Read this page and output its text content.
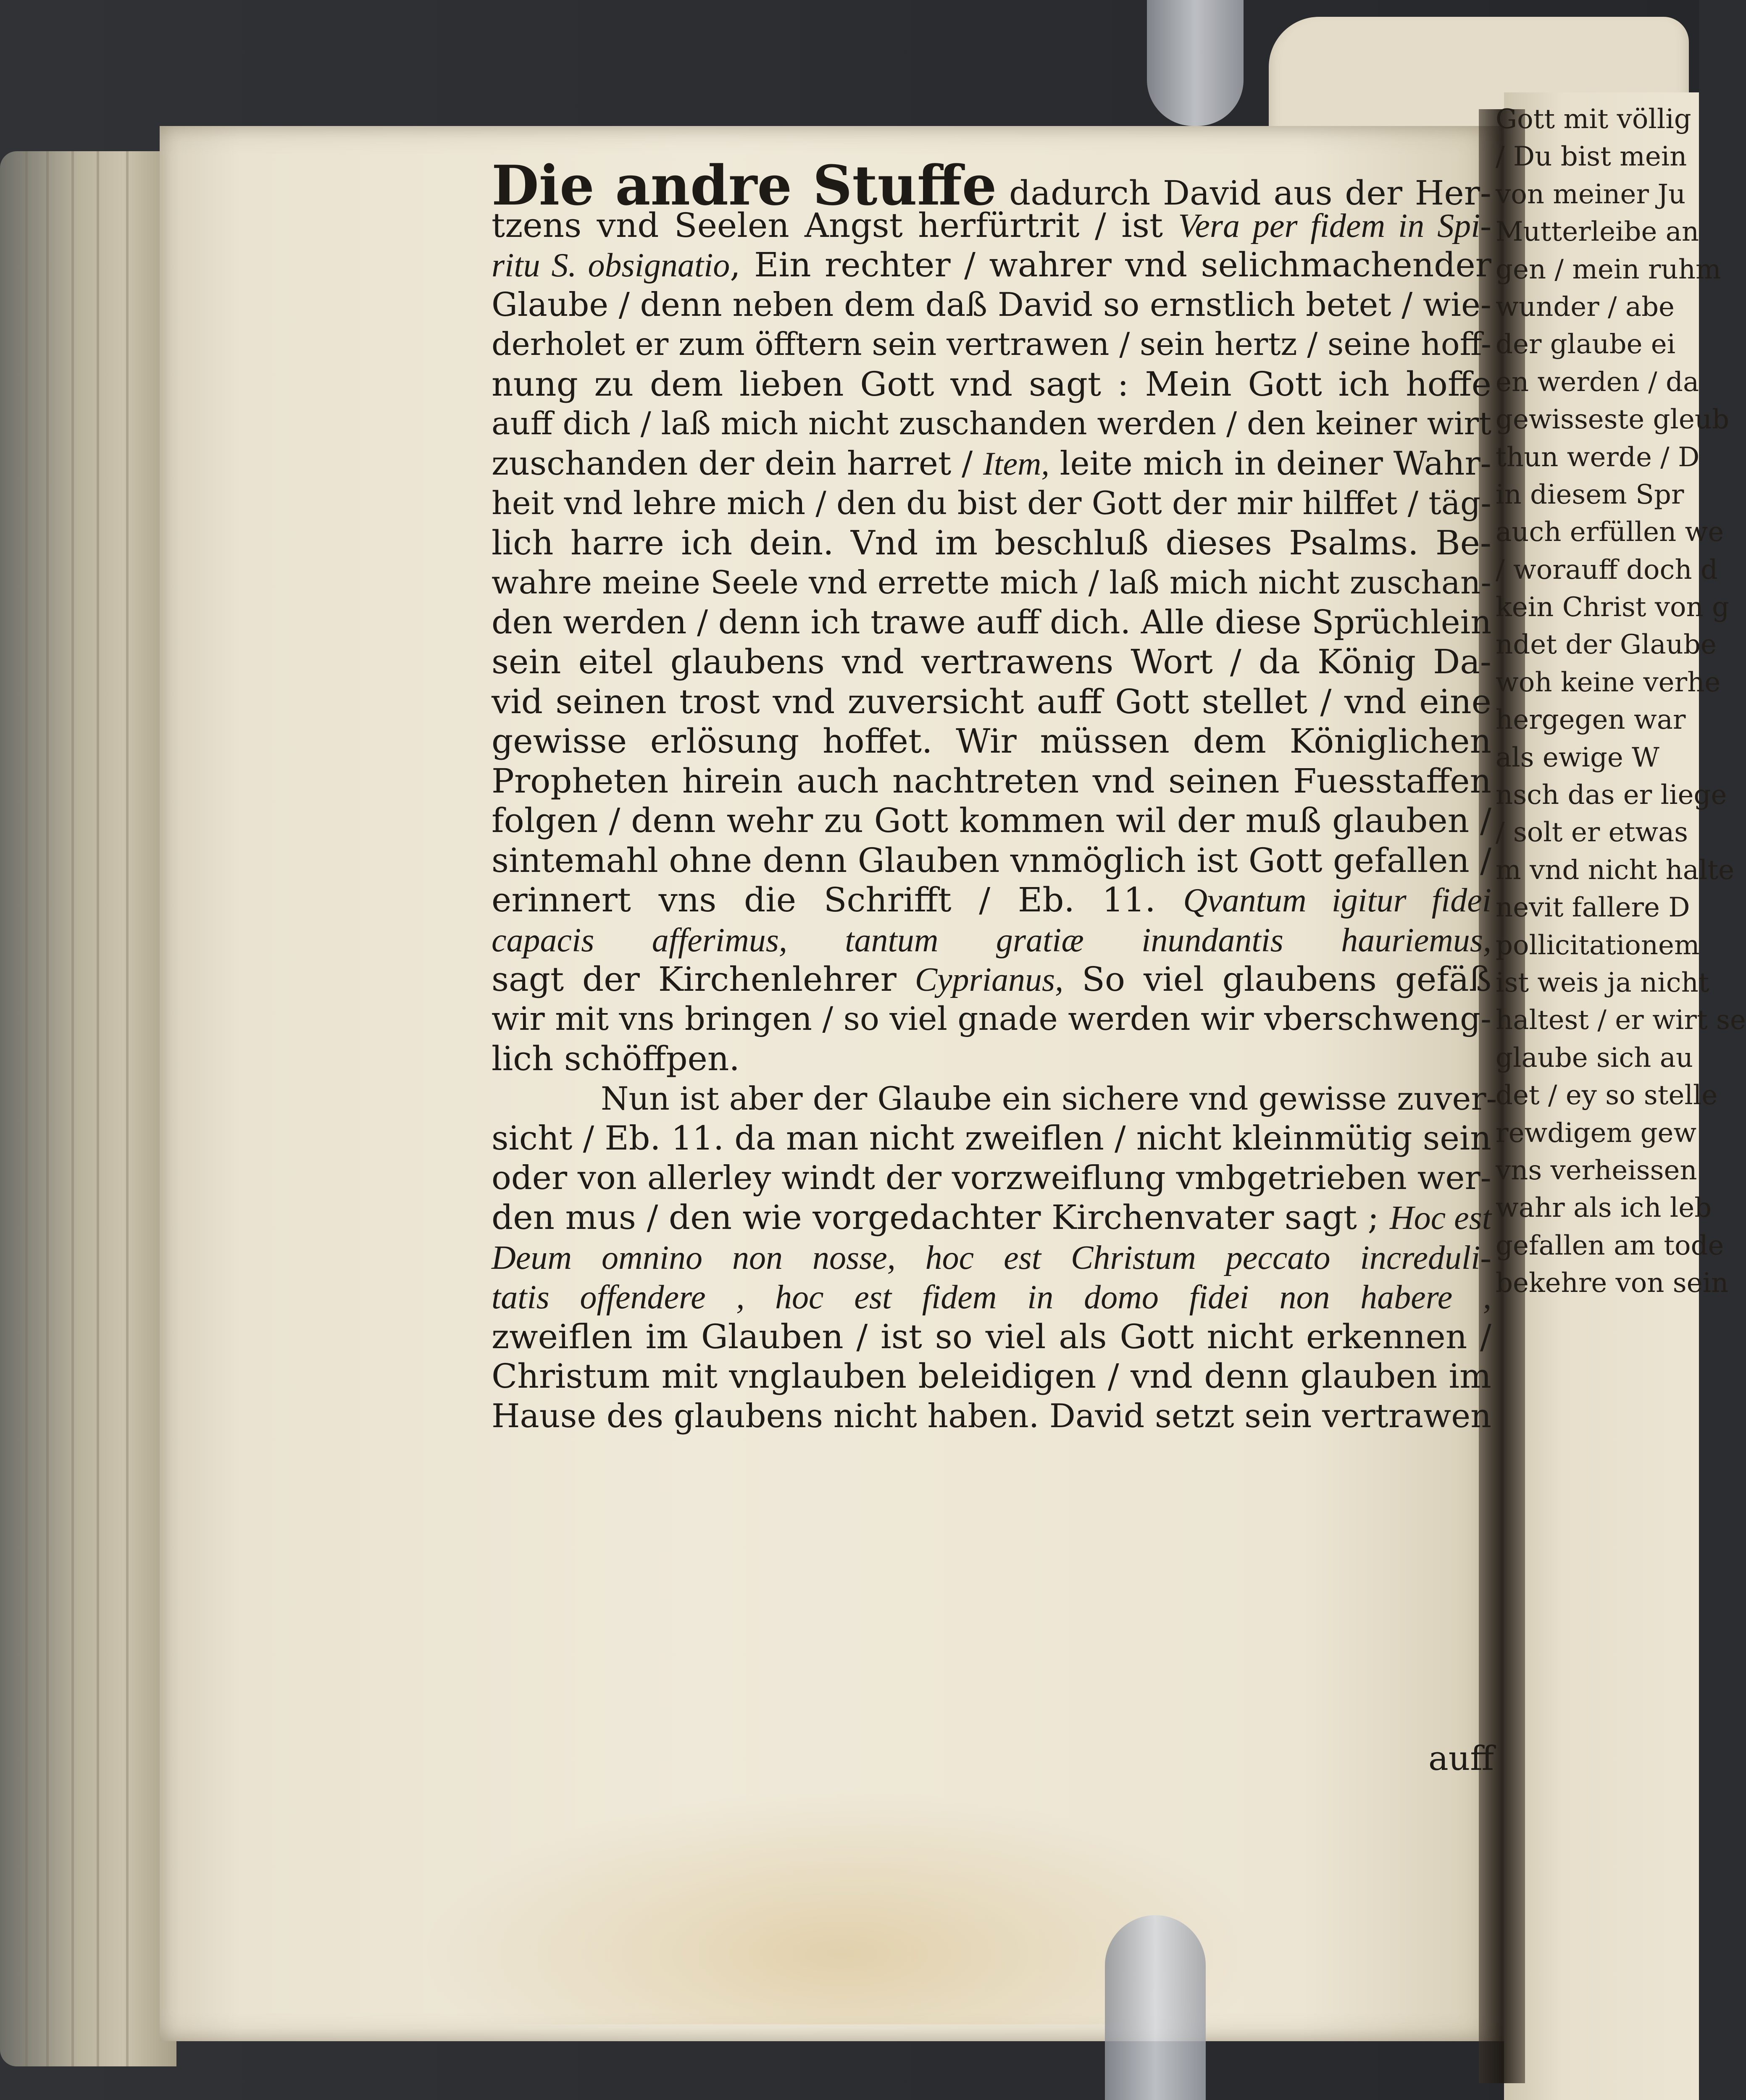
Die andre Stuffe dadurch David aus der Her-
tzens vnd Seelen Angst herfürtrit / ist Vera per fidem in Spi-
ritu S. obsignatio, Ein rechter / wahrer vnd selichmachender
Glaube / denn neben dem daß David so ernstlich betet / wie-
derholet er zum öfftern sein vertrawen / sein hertz / seine hoff-
nung zu dem lieben Gott vnd sagt : Mein Gott ich hoffe
auff dich / laß mich nicht zuschanden werden / den keiner wirt
zuschanden der dein harret / Item, leite mich in deiner Wahr-
heit vnd lehre mich / den du bist der Gott der mir hilffet / täg-
lich harre ich dein. Vnd im beschluß dieses Psalms. Be-
wahre meine Seele vnd errette mich / laß mich nicht zuschan-
den werden / denn ich trawe auff dich. Alle diese Sprüchlein
sein eitel glaubens vnd vertrawens Wort / da König Da-
vid seinen trost vnd zuversicht auff Gott stellet / vnd eine
gewisse erlösung hoffet. Wir müssen dem Königlichen
Propheten hirein auch nachtreten vnd seinen Fuesstaffen
folgen / denn wehr zu Gott kommen wil der muß glauben /
sintemahl ohne denn Glauben vnmöglich ist Gott gefallen /
erinnert vns die Schrifft / Eb. 11. Qvantum igitur fidei
capacis afferimus, tantum gratiæ inundantis hauriemus,
sagt der Kirchenlehrer Cyprianus, So viel glaubens gefäß
wir mit vns bringen / so viel gnade werden wir vberschweng-
lich schöffpen.
Nun ist aber der Glaube ein sichere vnd gewisse zuver-
sicht / Eb. 11. da man nicht zweiflen / nicht kleinmütig sein
oder von allerley windt der vorzweiflung vmbgetrieben wer-
den mus / den wie vorgedachter Kirchenvater sagt ; Hoc est
Deum omnino non nosse, hoc est Christum peccato increduli-
tatis offendere , hoc est fidem in domo fidei non habere ,
zweiflen im Glauben / ist so viel als Gott nicht erkennen /
Christum mit vnglauben beleidigen / vnd denn glauben im
Hause des glaubens nicht haben. David setzt sein vertrawen
auff
Gott mit völlig
/ Du bist mein
von meiner Ju
Mutterleibe an
gen / mein ruhm
wunder / abe
der glaube ei
en werden / da
gewisseste gleub
thun werde / D
in diesem Spr
auch erfüllen we
/ worauff doch d
kein Christ von g
ndet der Glaube
woh keine verhe
hergegen war
als ewige W
nsch das er liege
/ solt er etwas
m vnd nicht halte
nevit fallere D
pollicitationem
ist weis ja nicht
haltest / er wirt se
glaube sich au
det / ey so stelle
rewdigem gew
vns verheissen
wahr als ich leb
gefallen am tode
bekehre von sein
